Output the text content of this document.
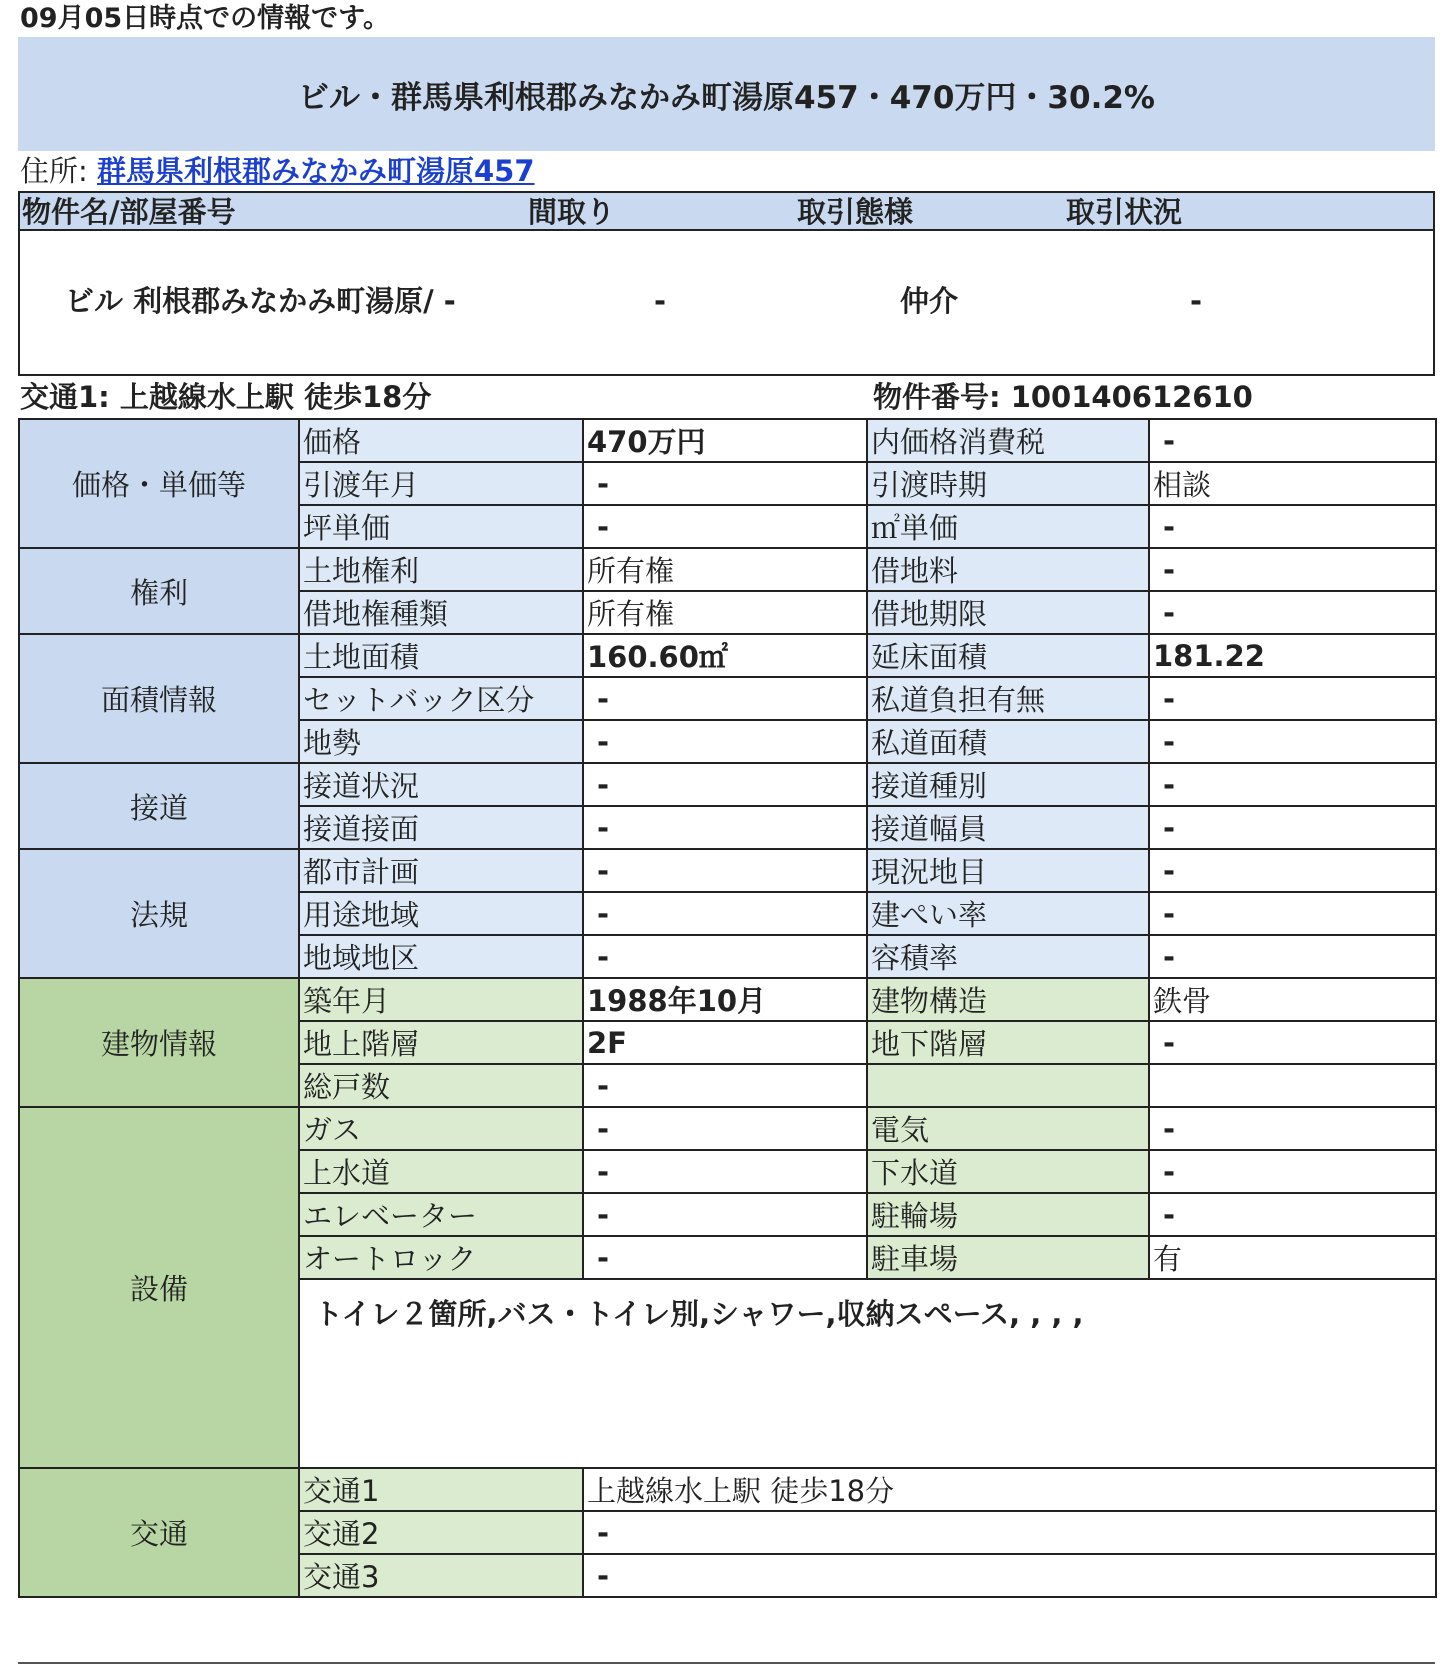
09月05日時点での情報です。
ビル・群馬県利根郡みなかみ町湯原457・470万円・30.2%
住所: 群馬県利根郡みなかみ町湯原457
物件名/部屋番号	間取り	取引態様	取引状況
ビル 利根郡みなかみ町湯原/ -	-	仲介	-
交通1: 上越線水上駅 徒歩18分	物件番号: 100140612610
価格・単価等	価格	470万円	内価格消費税	-
	引渡年月	-	引渡時期	相談
	坪単価	-	㎡単価	-
権利	土地権利	所有権	借地料	-
	借地権種類	所有権	借地期限	-
面積情報	土地面積	160.60㎡	延床面積	181.22
	セットバック区分	-	私道負担有無	-
	地勢	-	私道面積	-
接道	接道状況	-	接道種別	-
	接道接面	-	接道幅員	-
法規	都市計画	-	現況地目	-
	用途地域	-	建ぺい率	-
	地域地区	-	容積率	-
建物情報	築年月	1988年10月	建物構造	鉄骨
	地上階層	2F	地下階層	-
	総戸数	-		
設備	ガス	-	電気	-
	上水道	-	下水道	-
	エレベーター	-	駐輪場	-
	オートロック	-	駐車場	有
	トイレ２箇所,バス・トイレ別,シャワー,収納スペース, , , ,			
交通	交通1	上越線水上駅 徒歩18分		
	交通2	-		
	交通3	-		
